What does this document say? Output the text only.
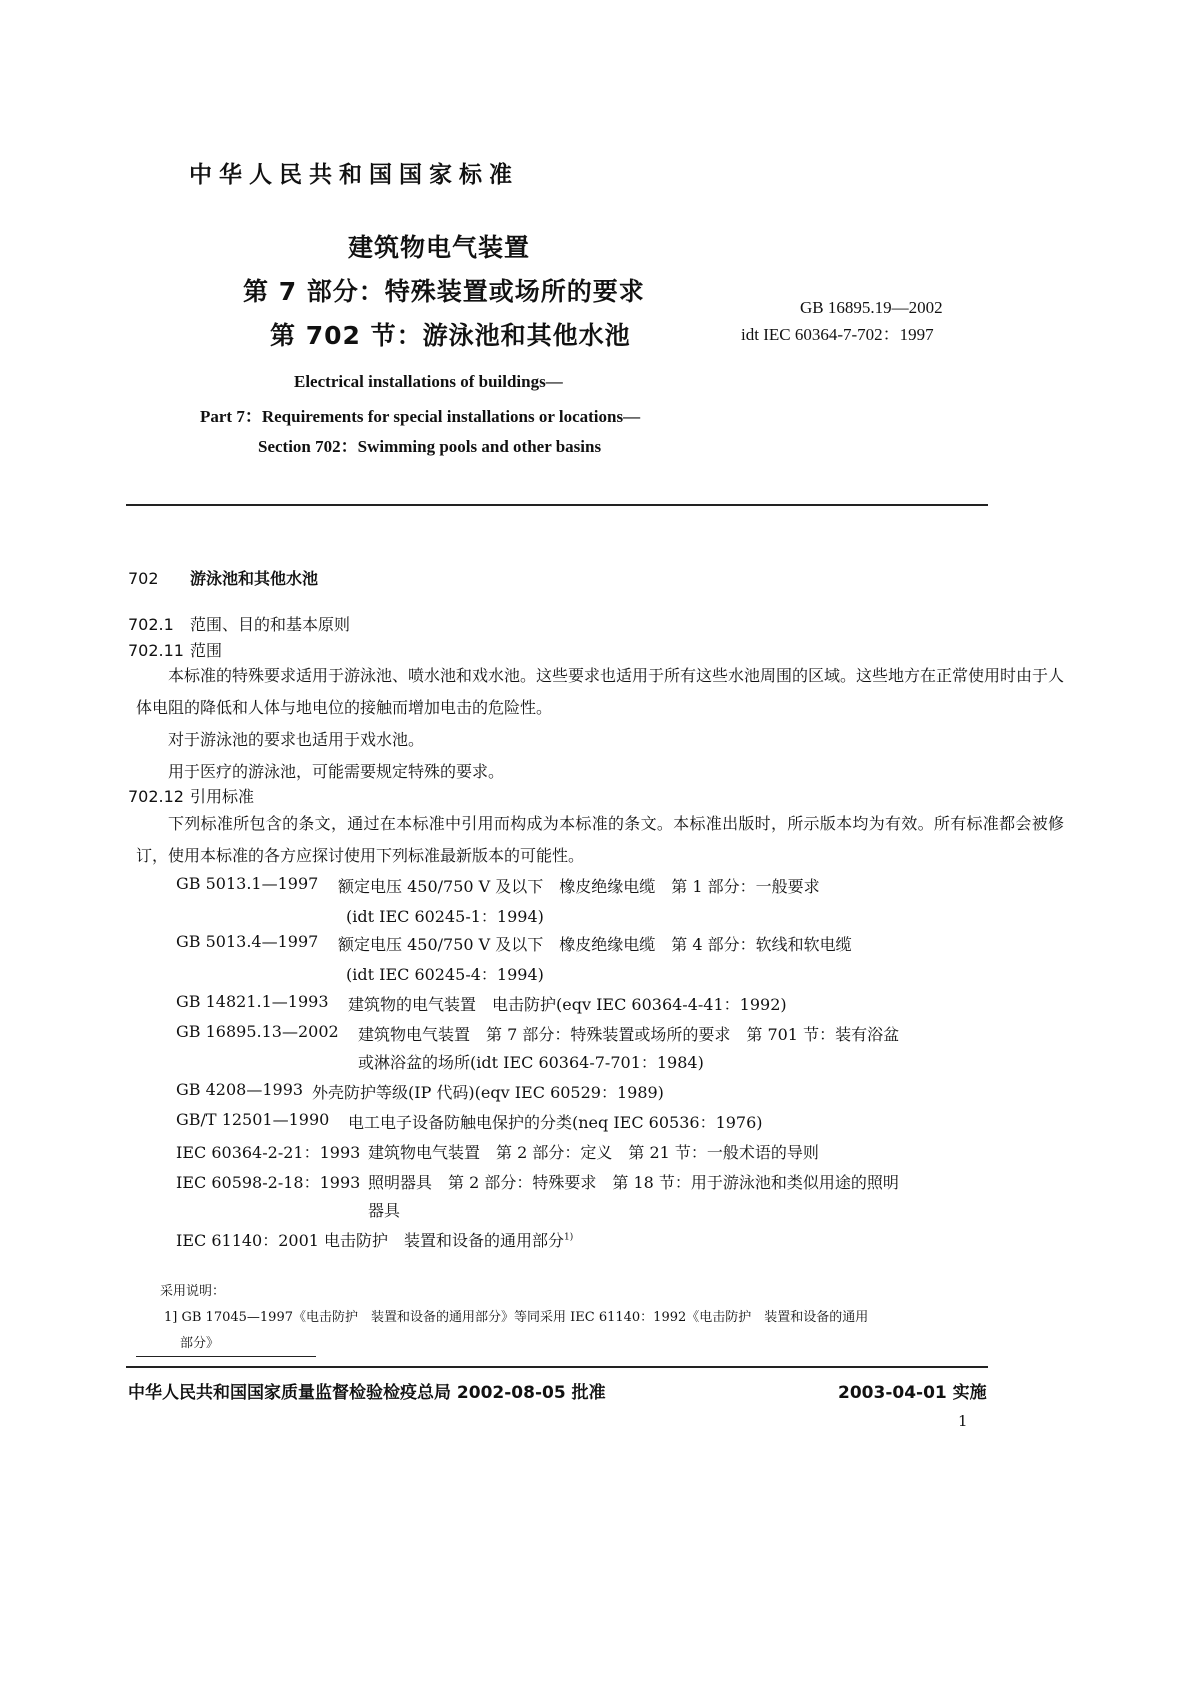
中华人民共和国国家标准
建筑物电气装置
第 7 部分：特殊装置或场所的要求
第 702 节：游泳池和其他水池
GB 16895.19—2002
idt IEC 60364-7-702：1997
Electrical installations of buildings—
Part 7：Requirements for special installations or locations—
Section 702：Swimming pools and other basins
702 游泳池和其他水池
702.1 范围、目的和基本原则
702.11 范围
本标准的特殊要求适用于游泳池、喷水池和戏水池。这些要求也适用于所有这些水池周围的区域。这些地方在正常使用时由于人体电阻的降低和人体与地电位的接触而增加电击的危险性。
对于游泳池的要求也适用于戏水池。
用于医疗的游泳池，可能需要规定特殊的要求。
702.12 引用标准
下列标准所包含的条文，通过在本标准中引用而构成为本标准的条文。本标准出版时，所示版本均为有效。所有标准都会被修订，使用本标准的各方应探讨使用下列标准最新版本的可能性。
GB 5013.1—1997 额定电压 450/750 V 及以下　橡皮绝缘电缆　第 1 部分：一般要求
(idt IEC 60245-1：1994)
GB 5013.4—1997 额定电压 450/750 V 及以下　橡皮绝缘电缆　第 4 部分：软线和软电缆
(idt IEC 60245-4：1994)
GB 14821.1—1993 建筑物的电气装置　电击防护(eqv IEC 60364-4-41：1992)
GB 16895.13—2002 建筑物电气装置　第 7 部分：特殊装置或场所的要求　第 701 节：装有浴盆
或淋浴盆的场所(idt IEC 60364-7-701：1984)
GB 4208—1993 外壳防护等级(IP 代码)(eqv IEC 60529：1989)
GB/T 12501—1990 电工电子设备防触电保护的分类(neq IEC 60536：1976)
IEC 60364-2-21：1993 建筑物电气装置　第 2 部分：定义　第 21 节：一般术语的导则
IEC 60598-2-18：1993 照明器具　第 2 部分：特殊要求　第 18 节：用于游泳池和类似用途的照明
器具
IEC 61140：2001 电击防护　装置和设备的通用部分$^{1)}$
采用说明：
1] GB 17045—1997《电击防护　装置和设备的通用部分》等同采用 IEC 61140：1992《电击防护　装置和设备的通用
部分》
中华人民共和国国家质量监督检验检疫总局 2002-08-05 批准	2003-04-01 实施
1
